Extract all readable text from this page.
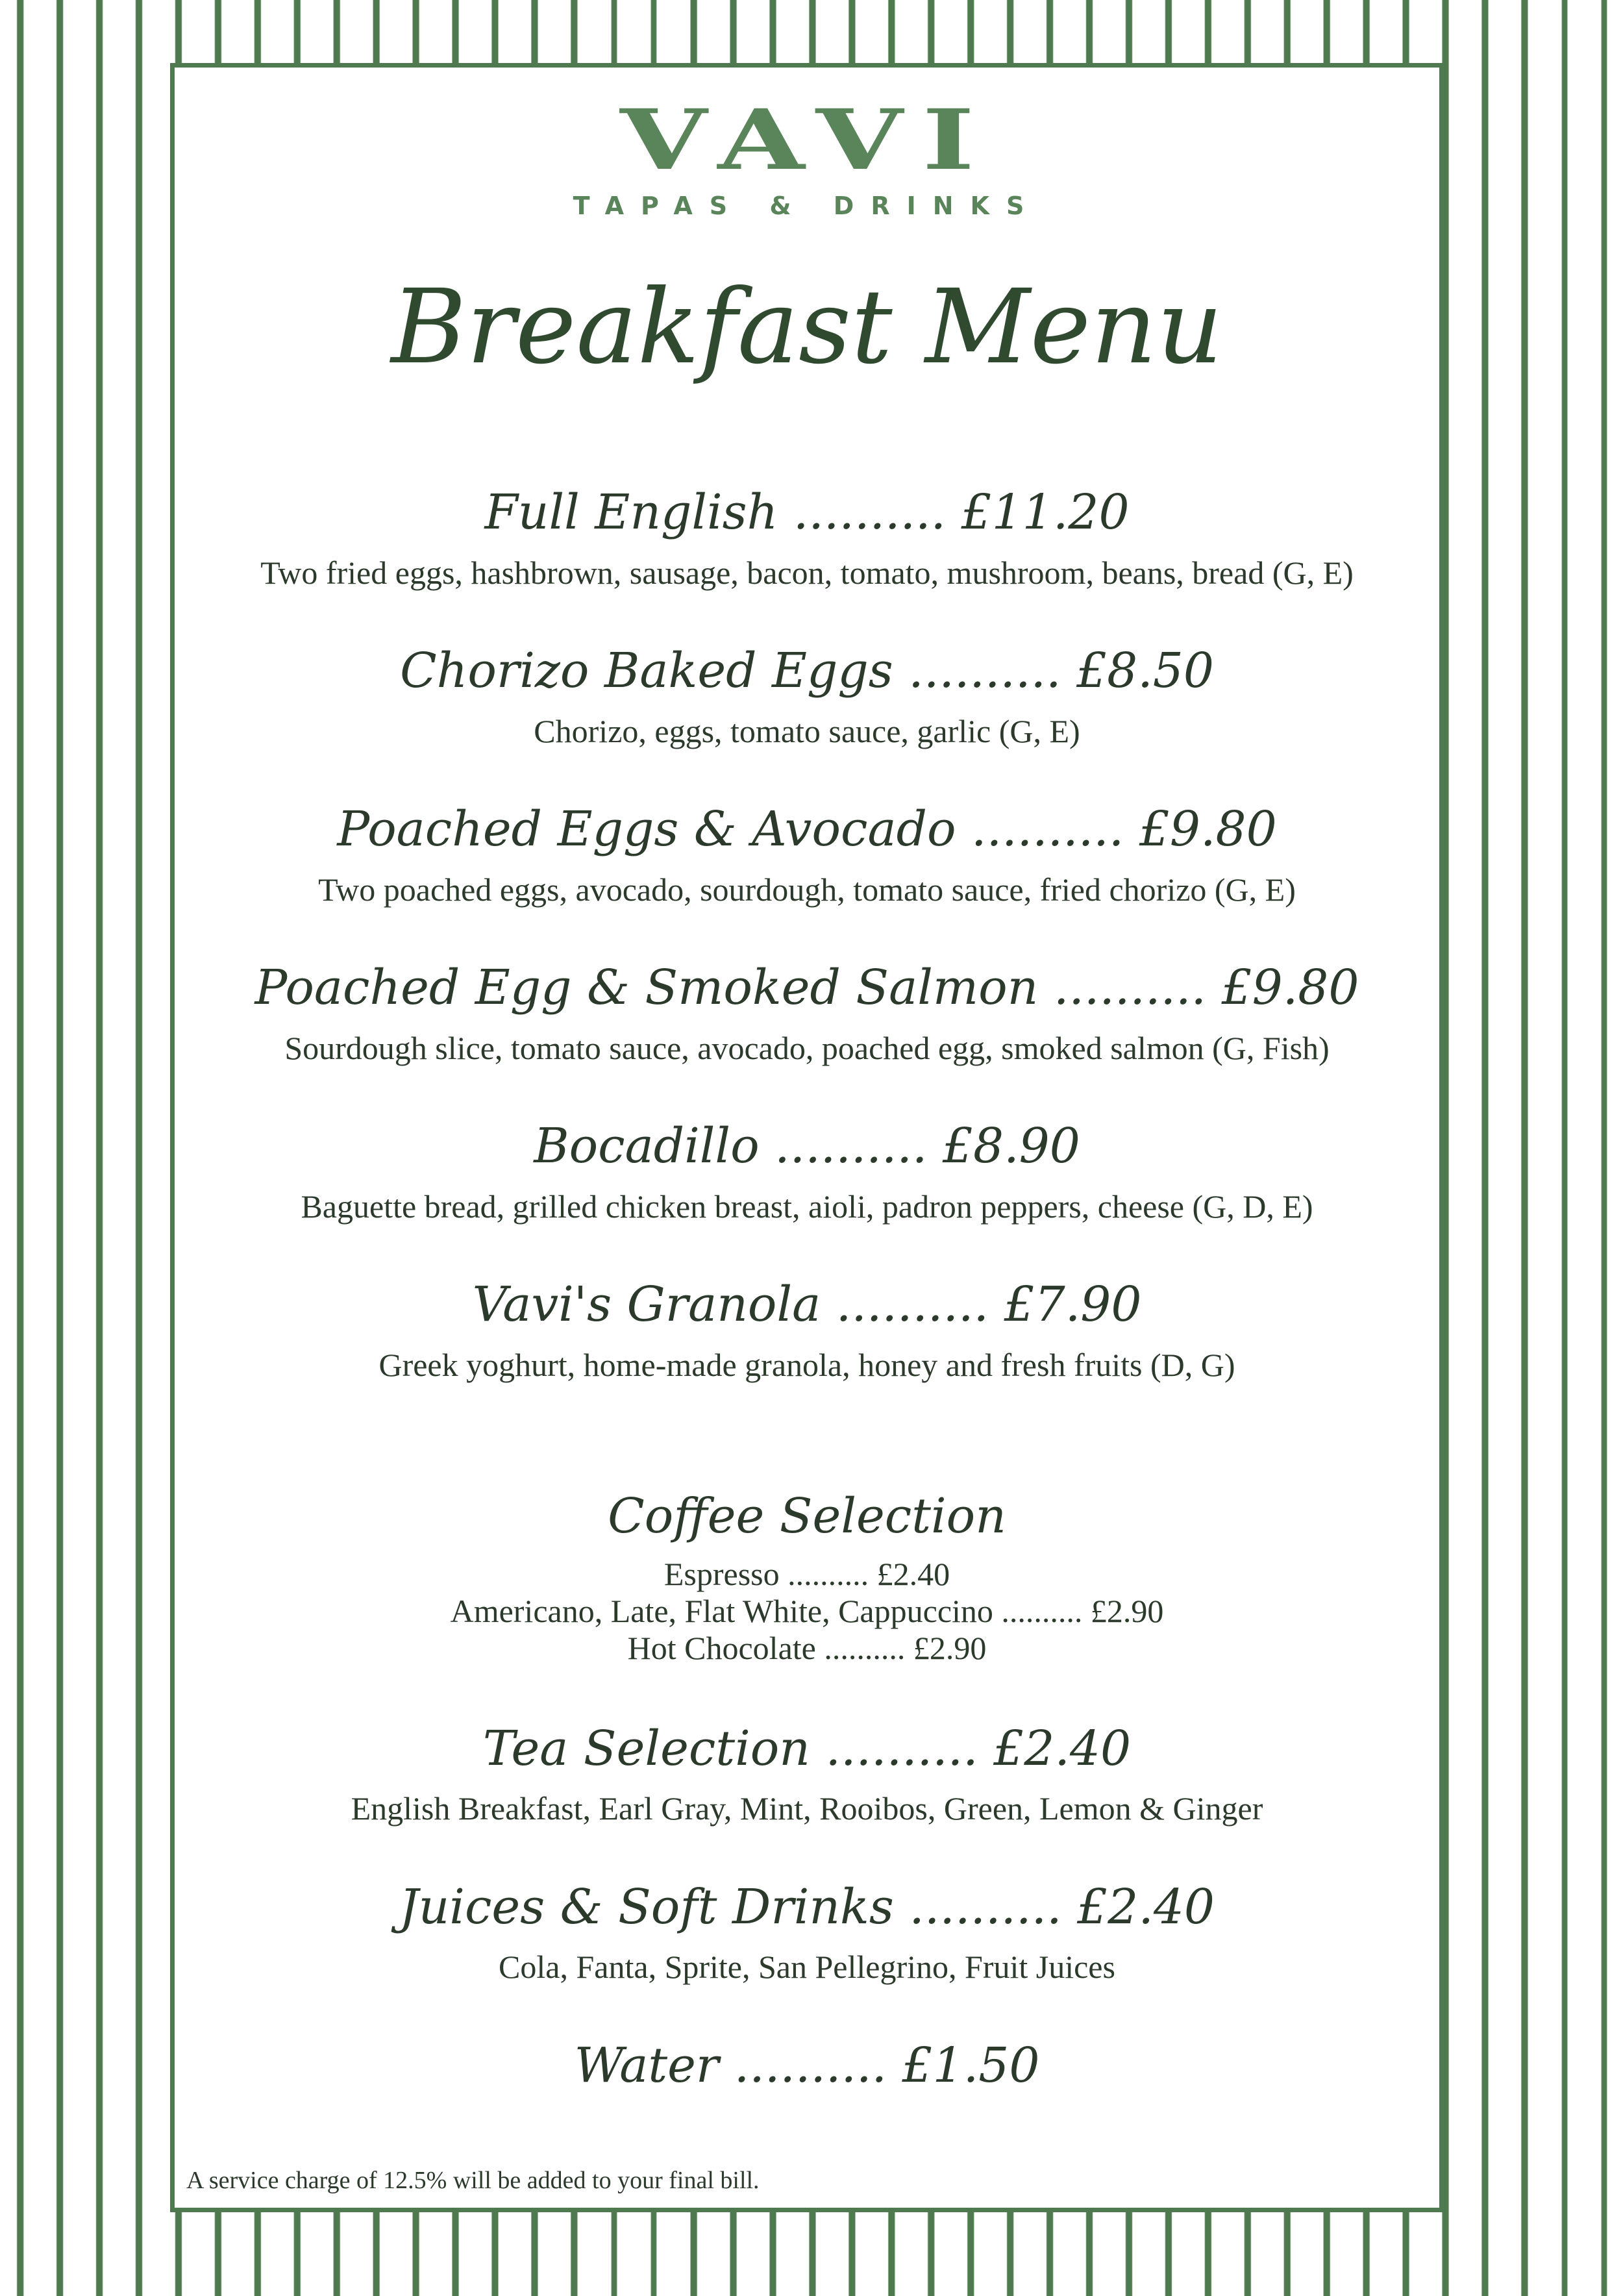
VAVI
TAPAS & DRINKS
Breakfast Menu
Full English .......... £11.20
Two fried eggs, hashbrown, sausage, bacon, tomato, mushroom, beans, bread (G, E)
Chorizo Baked Eggs .......... £8.50
Chorizo, eggs, tomato sauce, garlic (G, E)
Poached Eggs & Avocado .......... £9.80
Two poached eggs, avocado, sourdough, tomato sauce, fried chorizo (G, E)
Poached Egg & Smoked Salmon .......... £9.80
Sourdough slice, tomato sauce, avocado, poached egg, smoked salmon (G, Fish)
Bocadillo .......... £8.90
Baguette bread, grilled chicken breast, aioli, padron peppers, cheese (G, D, E)
Vavi's Granola .......... £7.90
Greek yoghurt, home-made granola, honey and fresh fruits (D, G)
Coffee Selection
Espresso .......... £2.40
Americano, Late, Flat White, Cappuccino .......... £2.90
Hot Chocolate .......... £2.90
Tea Selection .......... £2.40
English Breakfast, Earl Gray, Mint, Rooibos, Green, Lemon & Ginger
Juices & Soft Drinks .......... £2.40
Cola, Fanta, Sprite, San Pellegrino, Fruit Juices
Water .......... £1.50
A service charge of 12.5% will be added to your final bill.
